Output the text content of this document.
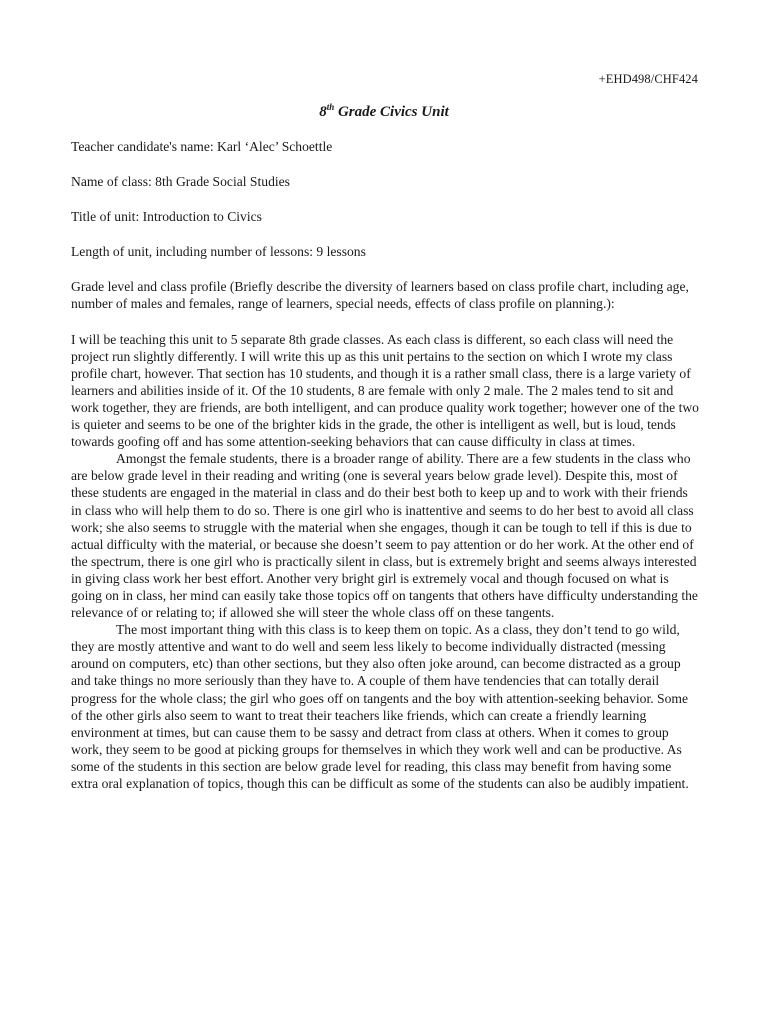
+EHD498/CHF424
8th Grade Civics Unit

Teacher candidate's name: Karl ‘Alec’ Schoettle

Name of class: 8th Grade Social Studies

Title of unit: Introduction to Civics

Length of unit, including number of lessons: 9 lessons

Grade level and class profile (Briefly describe the diversity of learners based on class profile chart, including age, number of males and females, range of learners, special needs, effects of class profile on planning.):

I will be teaching this unit to 5 separate 8th grade classes. As each class is different, so each class will need the project run slightly differently. I will write this up as this unit pertains to the section on which I wrote my class profile chart, however. That section has 10 students, and though it is a rather small class, there is a large variety of learners and abilities inside of it. Of the 10 students, 8 are female with only 2 male. The 2 males tend to sit and work together, they are friends, are both intelligent, and can produce quality work together; however one of the two is quieter and seems to be one of the brighter kids in the grade, the other is intelligent as well, but is loud, tends towards goofing off and has some attention-seeking behaviors that can cause difficulty in class at times.

Amongst the female students, there is a broader range of ability. There are a few students in the class who are below grade level in their reading and writing (one is several years below grade level). Despite this, most of these students are engaged in the material in class and do their best both to keep up and to work with their friends in class who will help them to do so. There is one girl who is inattentive and seems to do her best to avoid all class work; she also seems to struggle with the material when she engages, though it can be tough to tell if this is due to actual difficulty with the material, or because she doesn’t seem to pay attention or do her work. At the other end of the spectrum, there is one girl who is practically silent in class, but is extremely bright and seems always interested in giving class work her best effort. Another very bright girl is extremely vocal and though focused on what is going on in class, her mind can easily take those topics off on tangents that others have difficulty understanding the relevance of or relating to; if allowed she will steer the whole class off on these tangents.

The most important thing with this class is to keep them on topic. As a class, they don’t tend to go wild, they are mostly attentive and want to do well and seem less likely to become individually distracted (messing around on computers, etc) than other sections, but they also often joke around, can become distracted as a group and take things no more seriously than they have to. A couple of them have tendencies that can totally derail progress for the whole class; the girl who goes off on tangents and the boy with attention-seeking behavior. Some of the other girls also seem to want to treat their teachers like friends, which can create a friendly learning environment at times, but can cause them to be sassy and detract from class at others. When it comes to group work, they seem to be good at picking groups for themselves in which they work well and can be productive. As some of the students in this section are below grade level for reading, this class may benefit from having some extra oral explanation of topics, though this can be difficult as some of the students can also be audibly impatient.
